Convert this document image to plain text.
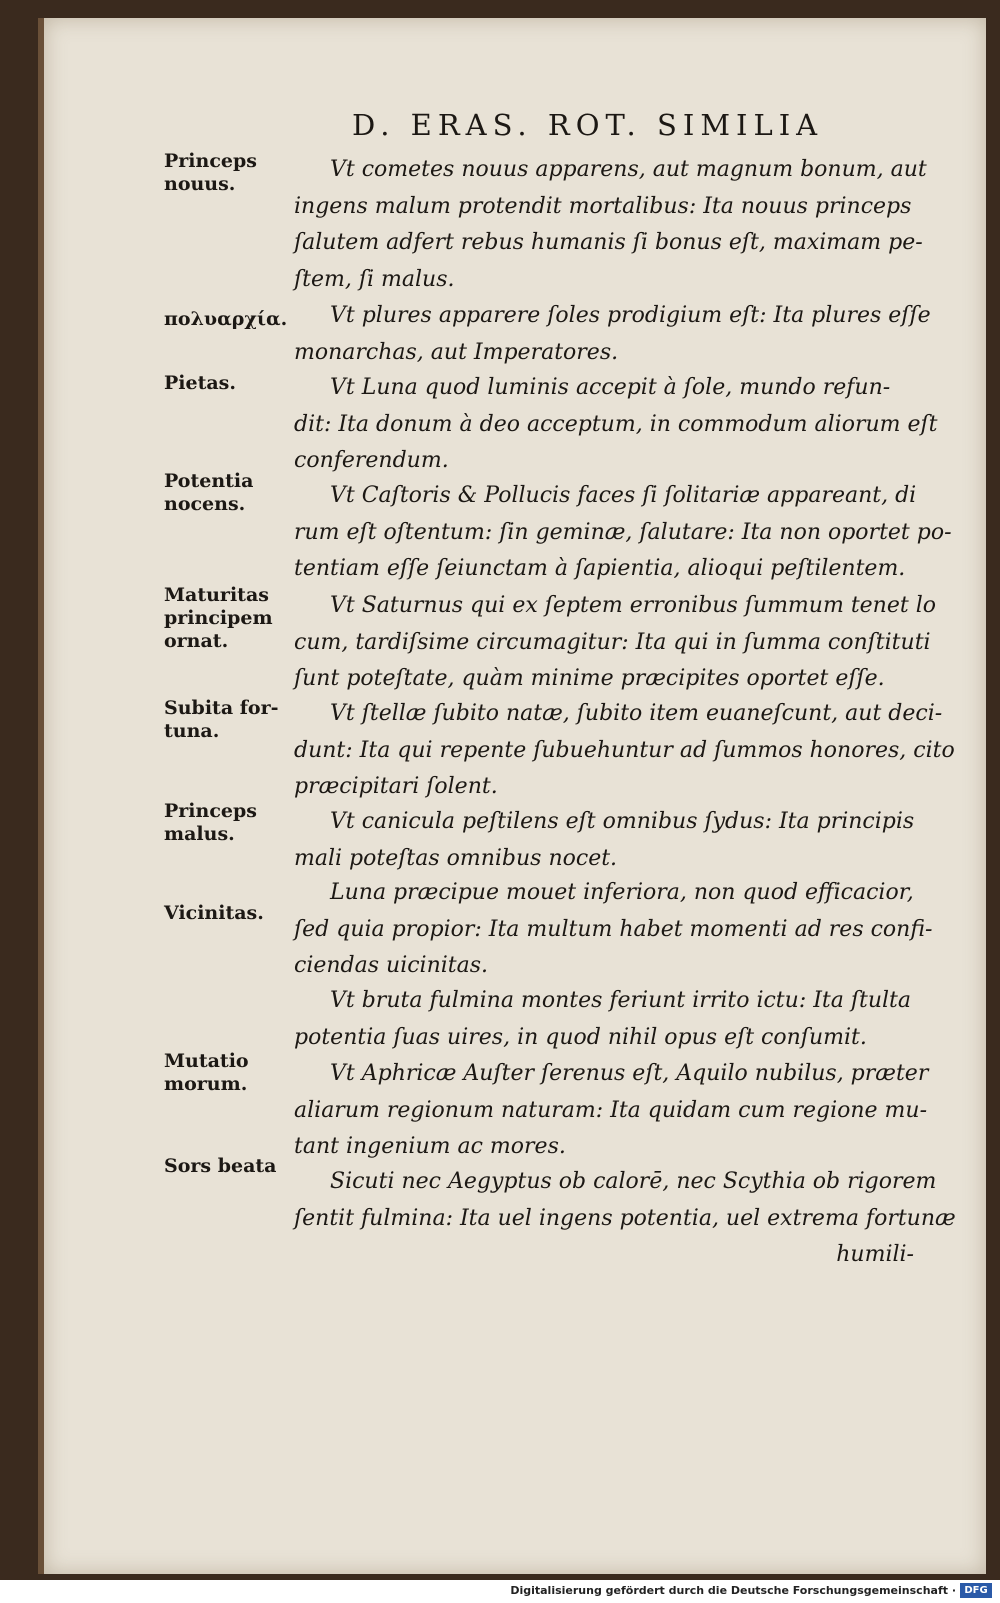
D. ERAS. ROT. SIMILIA
Princeps
nouus.
Vt cometes nouus apparens, aut magnum bonum, aut
ingens malum protendit mortalibus: Ita nouus princeps
ſalutem adfert rebus humanis ſi bonus eſt, maximam pe-
ſtem, ſi malus.
πολυαρχία.	Vt plures apparere ſoles prodigium eſt: Ita plures eſſe
monarchas, aut Imperatores.
Pietas.	Vt Luna quod luminis accepit à ſole, mundo refun-
dit: Ita donum à deo acceptum, in commodum aliorum eſt
conferendum.
Potentia
nocens.	Vt Caſtoris & Pollucis faces ſi ſolitariæ appareant, di
rum eſt oſtentum: ſin geminæ, ſalutare: Ita non oportet po-
tentiam eſſe ſeiunctam à ſapientia, alioqui peſtilentem.
Maturitas
principem
ornat.
Vt Saturnus qui ex ſeptem erronibus ſummum tenet lo
cum, tardiſsime circumagitur: Ita qui in ſumma conſtituti
ſunt poteſtate, quàm minime præcipites oportet eſſe.
Subita for-
tuna.
Vt ſtellæ ſubito natæ, ſubito item euaneſcunt, aut deci-
dunt: Ita qui repente ſubuehuntur ad ſummos honores, cito
præcipitari ſolent.
Princeps
malus.	Vt canicula peſtilens eſt omnibus ſydus: Ita principis
mali poteſtas omnibus nocet.
Vicinitas.
Luna præcipue mouet inferiora, non quod efficacior,
ſed quia propior: Ita multum habet momenti ad res confi-
ciendas uicinitas.
Vt bruta fulmina montes feriunt irrito ictu: Ita ſtulta
potentia ſuas uires, in quod nihil opus eſt conſumit.
Mutatio
morum.	Vt Aphricæ Auſter ſerenus eſt, Aquilo nubilus, præter
aliarum regionum naturam: Ita quidam cum regione mu-
tant ingenium ac mores.
Sors beata
Sicuti nec Aegyptus ob calorē, nec Scythia ob rigorem
ſentit fulmina: Ita uel ingens potentia, uel extrema fortunæ
humili-
Digitalisierung gefördert durch die Deutsche Forschungsgemeinschaft · DFG
